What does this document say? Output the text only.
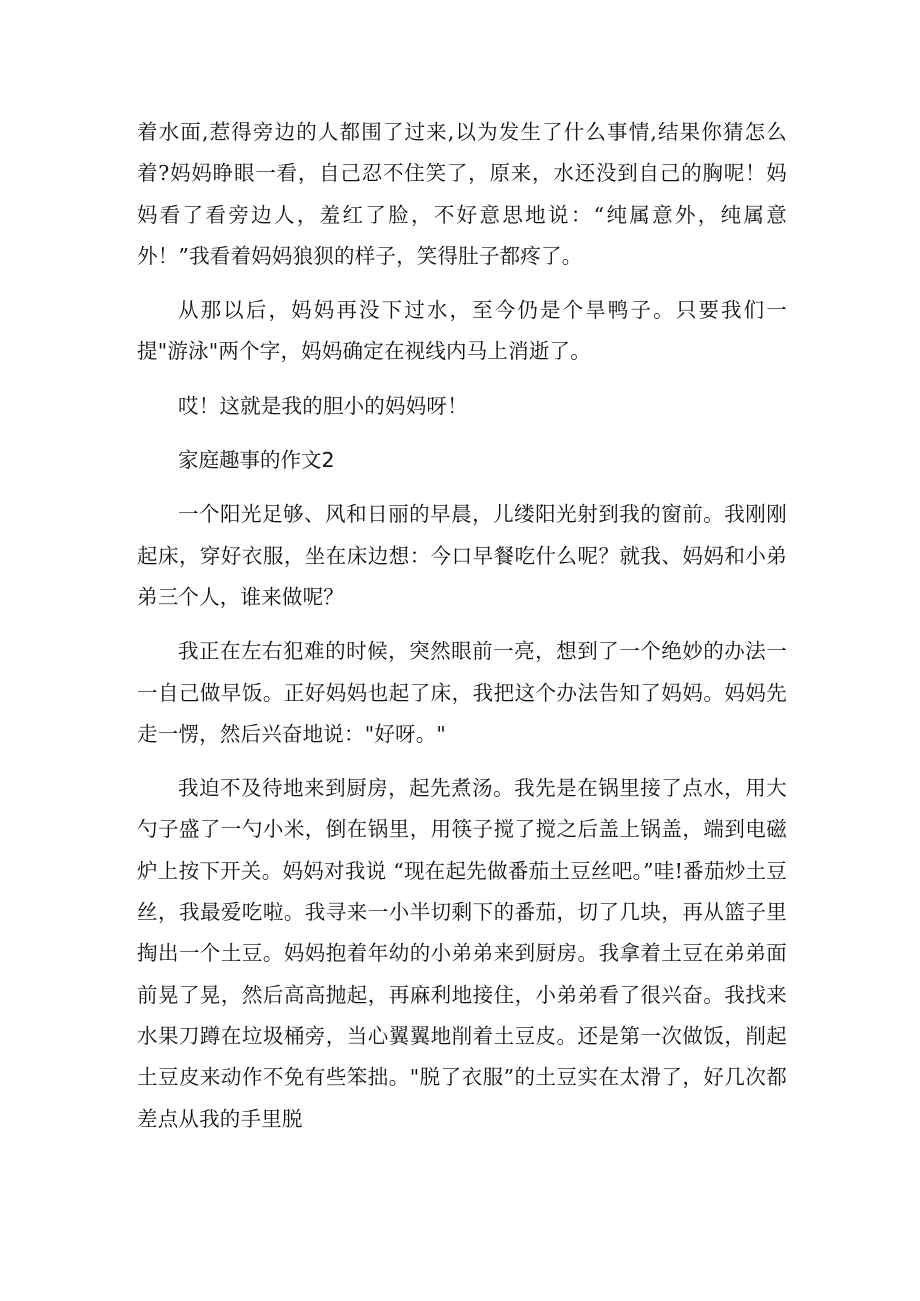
着水面,惹得旁边的人都围了过来,以为发生了什么事情,结果你猜怎么着?妈妈睁眼一看，自己忍不住笑了，原来，水还没到自己的胸呢！妈妈看了看旁边人，羞红了脸，不好意思地说：“纯属意外，纯属意外！”我看着妈妈狼狈的样子，笑得肚子都疼了。

从那以后，妈妈再没下过水，至今仍是个旱鸭子。只要我们一提"游泳"两个字，妈妈确定在视线内马上消逝了。

哎！这就是我的胆小的妈妈呀！

家庭趣事的作文2

一个阳光足够、风和日丽的早晨，儿缕阳光射到我的窗前。我刚刚起床，穿好衣服，坐在床边想：今口早餐吃什么呢？就我、妈妈和小弟弟三个人，谁来做呢？

我正在左右犯难的时候，突然眼前一亮，想到了一个绝妙的办法一一自己做早饭。正好妈妈也起了床，我把这个办法告知了妈妈。妈妈先走一愣，然后兴奋地说："好呀。"

我迫不及待地来到厨房，起先煮汤。我先是在锅里接了点水，用大勺子盛了一勺小米，倒在锅里，用筷子搅了搅之后盖上锅盖，端到电磁炉上按下开关。妈妈对我说 “现在起先做番茄土豆丝吧。”哇!番茄炒土豆丝，我最爱吃啦。我寻来一小半切剩下的番茄，切了几块，再从篮子里掏出一个土豆。妈妈抱着年幼的小弟弟来到厨房。我拿着土豆在弟弟面前晃了晃，然后高高抛起，再麻利地接住，小弟弟看了很兴奋。我找来水果刀蹲在垃圾桶旁，当心翼翼地削着土豆皮。还是第一次做饭，削起土豆皮来动作不免有些笨拙。"脱了衣服”的土豆实在太滑了，好几次都差点从我的手里脱
